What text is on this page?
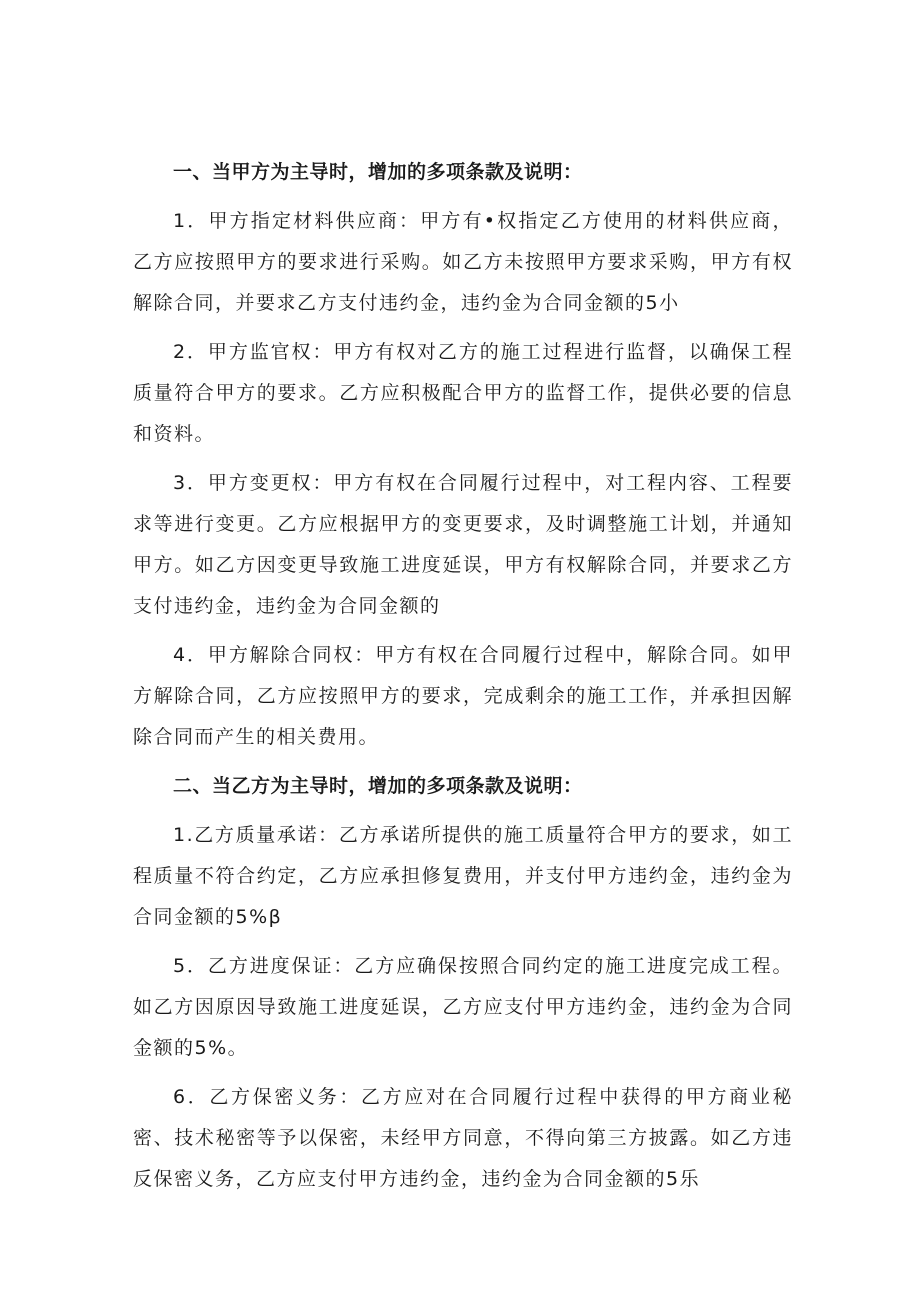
一、当甲方为主导时，增加的多项条款及说明：

1．甲方指定材料供应商：甲方有•权指定乙方使用的材料供应商，乙方应按照甲方的要求进行采购。如乙方未按照甲方要求采购，甲方有权解除合同，并要求乙方支付违约金，违约金为合同金额的5小

2．甲方监官权：甲方有权对乙方的施工过程进行监督，以确保工程质量符合甲方的要求。乙方应积极配合甲方的监督工作，提供必要的信息和资料。

3．甲方变更权：甲方有权在合同履行过程中，对工程内容、工程要求等进行变更。乙方应根据甲方的变更要求，及时调整施工计划，并通知甲方。如乙方因变更导致施工进度延误，甲方有权解除合同，并要求乙方支付违约金，违约金为合同金额的

4．甲方解除合同权：甲方有权在合同履行过程中，解除合同。如甲方解除合同，乙方应按照甲方的要求，完成剩余的施工工作，并承担因解除合同而产生的相关费用。

二、当乙方为主导时，增加的多项条款及说明：

1.乙方质量承诺：乙方承诺所提供的施工质量符合甲方的要求，如工程质量不符合约定，乙方应承担修复费用，并支付甲方违约金，违约金为合同金额的5%β

5．乙方进度保证：乙方应确保按照合同约定的施工进度完成工程。如乙方因原因导致施工进度延误，乙方应支付甲方违约金，违约金为合同金额的5%。

6．乙方保密义务：乙方应对在合同履行过程中获得的甲方商业秘密、技术秘密等予以保密，未经甲方同意，不得向第三方披露。如乙方违反保密义务，乙方应支付甲方违约金，违约金为合同金额的5乐
